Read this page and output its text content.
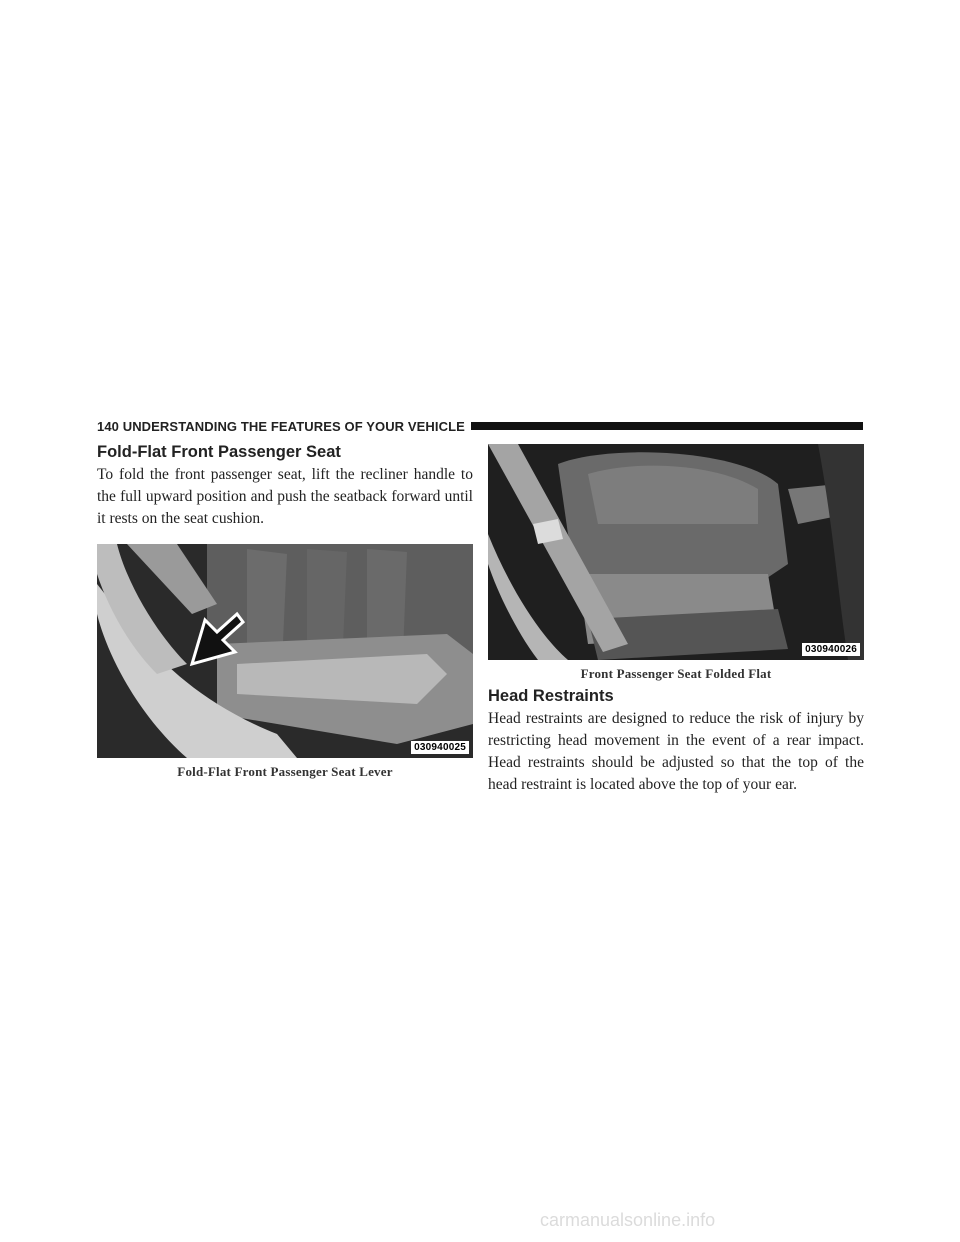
140 UNDERSTANDING THE FEATURES OF YOUR VEHICLE
Fold-Flat Front Passenger Seat

To fold the front passenger seat, lift the recliner handle to the full upward position and push the seatback forward until it rests on the seat cushion.

030940025
Fold-Flat Front Passenger Seat Lever
030940026
Front Passenger Seat Folded Flat
Head Restraints

Head restraints are designed to reduce the risk of injury by restricting head movement in the event of a rear impact. Head restraints should be adjusted so that the top of the head restraint is located above the top of your ear.

carmanualsonline.info
